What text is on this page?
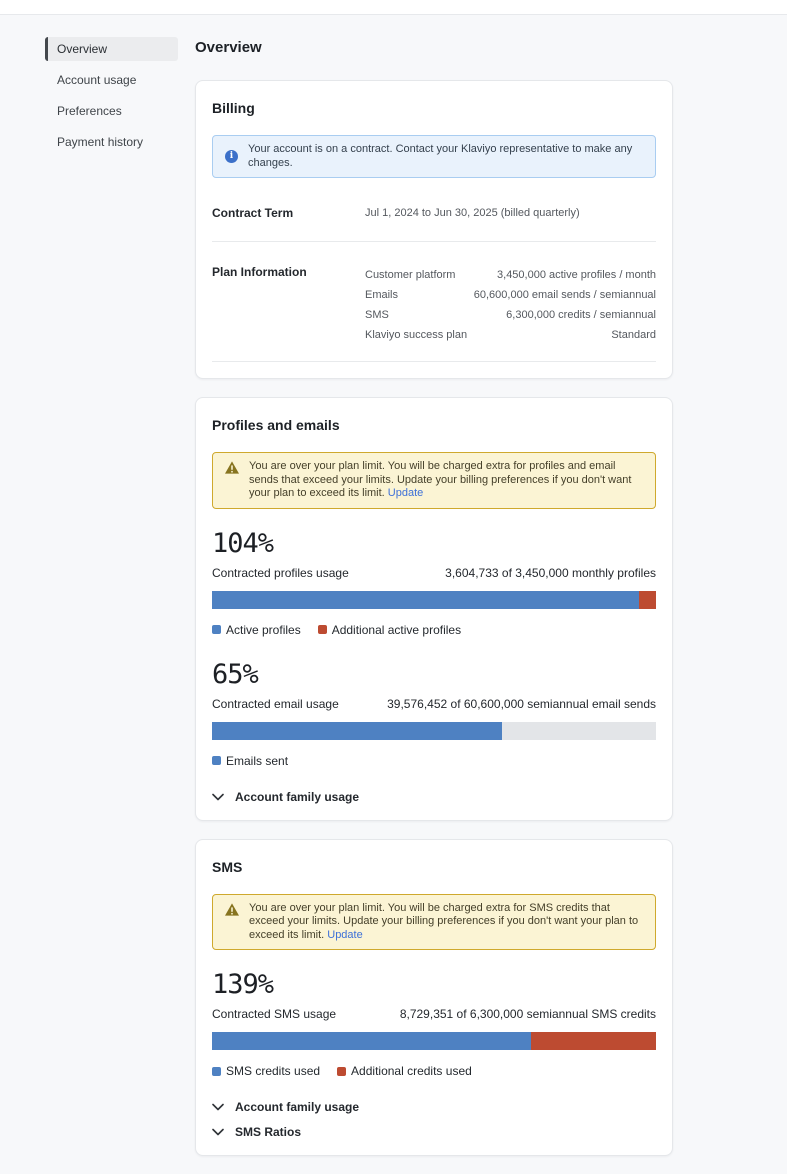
Overview
Account usage
Preferences
Payment history
Overview
Billing
i
Your account is on a contract. Contact your Klaviyo representative to make any changes.
Contract Term	Jul 1, 2024 to Jun 30, 2025 (billed quarterly)
Plan Information	Customer platform	3,450,000 active profiles / month
Emails	60,600,000 email sends / semiannual
SMS	6,300,000 credits / semiannual
Klaviyo success plan	Standard
Profiles and emails
You are over your plan limit. You will be charged extra for profiles and email sends that exceed your limits. Update your billing preferences if you don't want your plan to exceed its limit. Update
104%
Contracted profiles usage	3,604,733 of 3,450,000 monthly profiles
Active profiles	Additional active profiles
65%
Contracted email usage	39,576,452 of 60,600,000 semiannual email sends
Emails sent
Account family usage
SMS
You are over your plan limit. You will be charged extra for SMS credits that exceed your limits. Update your billing preferences if you don't want your plan to exceed its limit. Update
139%
Contracted SMS usage	8,729,351 of 6,300,000 semiannual SMS credits
SMS credits used	Additional credits used
Account family usage
SMS Ratios
